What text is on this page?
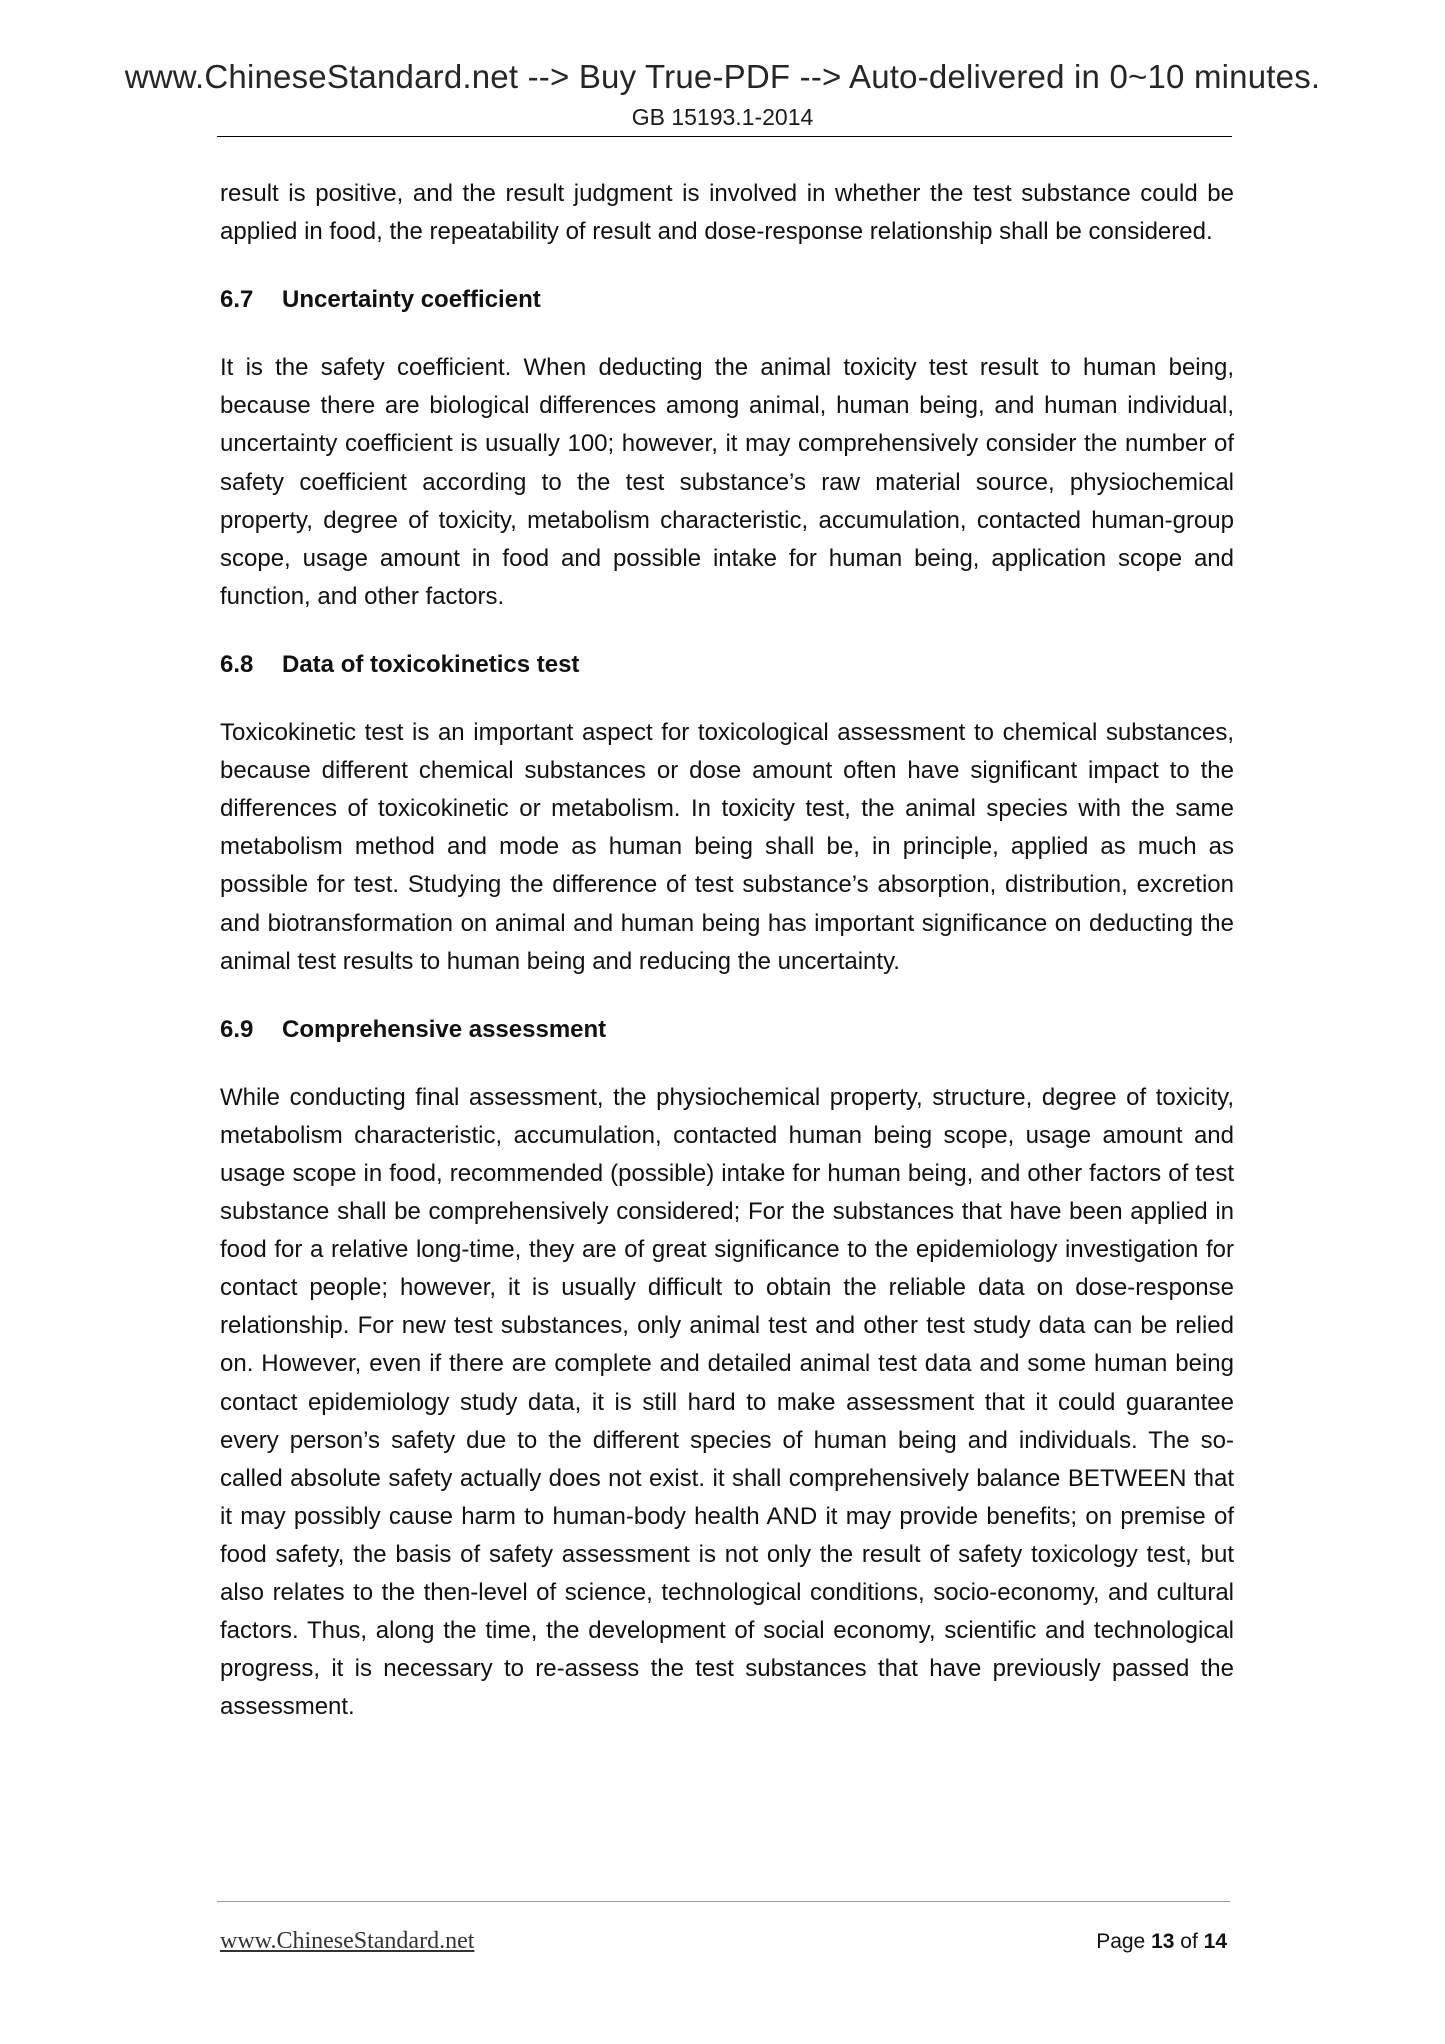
www.ChineseStandard.net --> Buy True-PDF --> Auto-delivered in 0~10 minutes.
GB 15193.1-2014

result is positive, and the result judgment is involved in whether the test substance could be applied in food, the repeatability of result and dose-response relationship shall be considered.

6.7 Uncertainty coefficient

It is the safety coefficient. When deducting the animal toxicity test result to human being, because there are biological differences among animal, human being, and human individual, uncertainty coefficient is usually 100; however, it may comprehensively consider the number of safety coefficient according to the test substance’s raw material source, physiochemical property, degree of toxicity, metabolism characteristic, accumulation, contacted human-group scope, usage amount in food and possible intake for human being, application scope and function, and other factors.

6.8 Data of toxicokinetics test

Toxicokinetic test is an important aspect for toxicological assessment to chemical substances, because different chemical substances or dose amount often have significant impact to the differences of toxicokinetic or metabolism. In toxicity test, the animal species with the same metabolism method and mode as human being shall be, in principle, applied as much as possible for test. Studying the difference of test substance’s absorption, distribution, excretion and biotransformation on animal and human being has important significance on deducting the animal test results to human being and reducing the uncertainty.

6.9 Comprehensive assessment

While conducting final assessment, the physiochemical property, structure, degree of toxicity, metabolism characteristic, accumulation, contacted human being scope, usage amount and usage scope in food, recommended (possible) intake for human being, and other factors of test substance shall be comprehensively considered; For the substances that have been applied in food for a relative long-time, they are of great significance to the epidemiology investigation for contact people; however, it is usually difficult to obtain the reliable data on dose-response relationship. For new test substances, only animal test and other test study data can be relied on. However, even if there are complete and detailed animal test data and some human being contact epidemiology study data, it is still hard to make assessment that it could guarantee every person’s safety due to the different species of human being and individuals. The so-called absolute safety actually does not exist. it shall comprehensively balance BETWEEN that it may possibly cause harm to human-body health AND it may provide benefits; on premise of food safety, the basis of safety assessment is not only the result of safety toxicology test, but also relates to the then-level of science, technological conditions, socio-economy, and cultural factors. Thus, along the time, the development of social economy, scientific and technological progress, it is necessary to re-assess the test substances that have previously passed the assessment.

www.ChineseStandard.net	Page 13 of 14
